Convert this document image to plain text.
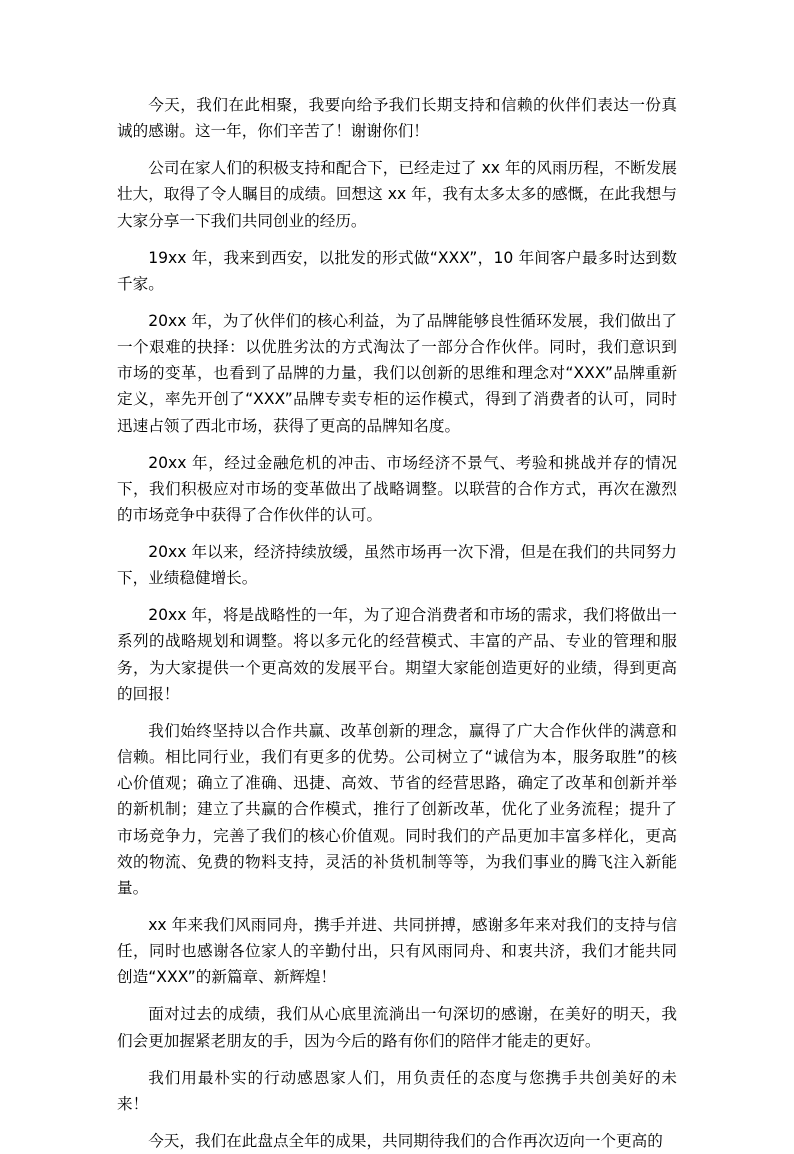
今天，我们在此相聚，我要向给予我们长期支持和信赖的伙伴们表达一份真诚的感谢。这一年，你们辛苦了！谢谢你们！

公司在家人们的积极支持和配合下，已经走过了 xx 年的风雨历程，不断发展壮大，取得了令人瞩目的成绩。回想这 xx 年，我有太多太多的感慨，在此我想与大家分享一下我们共同创业的经历。

19xx 年，我来到西安，以批发的形式做“XXX”，10 年间客户最多时达到数千家。

20xx 年，为了伙伴们的核心利益，为了品牌能够良性循环发展，我们做出了一个艰难的抉择：以优胜劣汰的方式淘汰了一部分合作伙伴。同时，我们意识到市场的变革，也看到了品牌的力量，我们以创新的思维和理念对“XXX”品牌重新定义，率先开创了“XXX”品牌专卖专柜的运作模式，得到了消费者的认可，同时迅速占领了西北市场，获得了更高的品牌知名度。

20xx 年，经过金融危机的冲击、市场经济不景气、考验和挑战并存的情况下，我们积极应对市场的变革做出了战略调整。以联营的合作方式，再次在激烈的市场竞争中获得了合作伙伴的认可。

20xx 年以来，经济持续放缓，虽然市场再一次下滑，但是在我们的共同努力下，业绩稳健增长。

20xx 年，将是战略性的一年，为了迎合消费者和市场的需求，我们将做出一系列的战略规划和调整。将以多元化的经营模式、丰富的产品、专业的管理和服务，为大家提供一个更高效的发展平台。期望大家能创造更好的业绩，得到更高的回报！

我们始终坚持以合作共赢、改革创新的理念，赢得了广大合作伙伴的满意和信赖。相比同行业，我们有更多的优势。公司树立了“诚信为本，服务取胜”的核心价值观；确立了准确、迅捷、高效、节省的经营思路，确定了改革和创新并举的新机制；建立了共赢的合作模式，推行了创新改革，优化了业务流程；提升了市场竞争力，完善了我们的核心价值观。同时我们的产品更加丰富多样化，更高效的物流、免费的物料支持，灵活的补货机制等等，为我们事业的腾飞注入新能量。

xx 年来我们风雨同舟，携手并进、共同拼搏，感谢多年来对我们的支持与信任，同时也感谢各位家人的辛勤付出，只有风雨同舟、和衷共济，我们才能共同创造“XXX”的新篇章、新辉煌！

面对过去的成绩，我们从心底里流淌出一句深切的感谢，在美好的明天，我们会更加握紧老朋友的手，因为今后的路有你们的陪伴才能走的更好。

我们用最朴实的行动感恩家人们，用负责任的态度与您携手共创美好的未来！

今天，我们在此盘点全年的成果，共同期待我们的合作再次迈向一个更高的
